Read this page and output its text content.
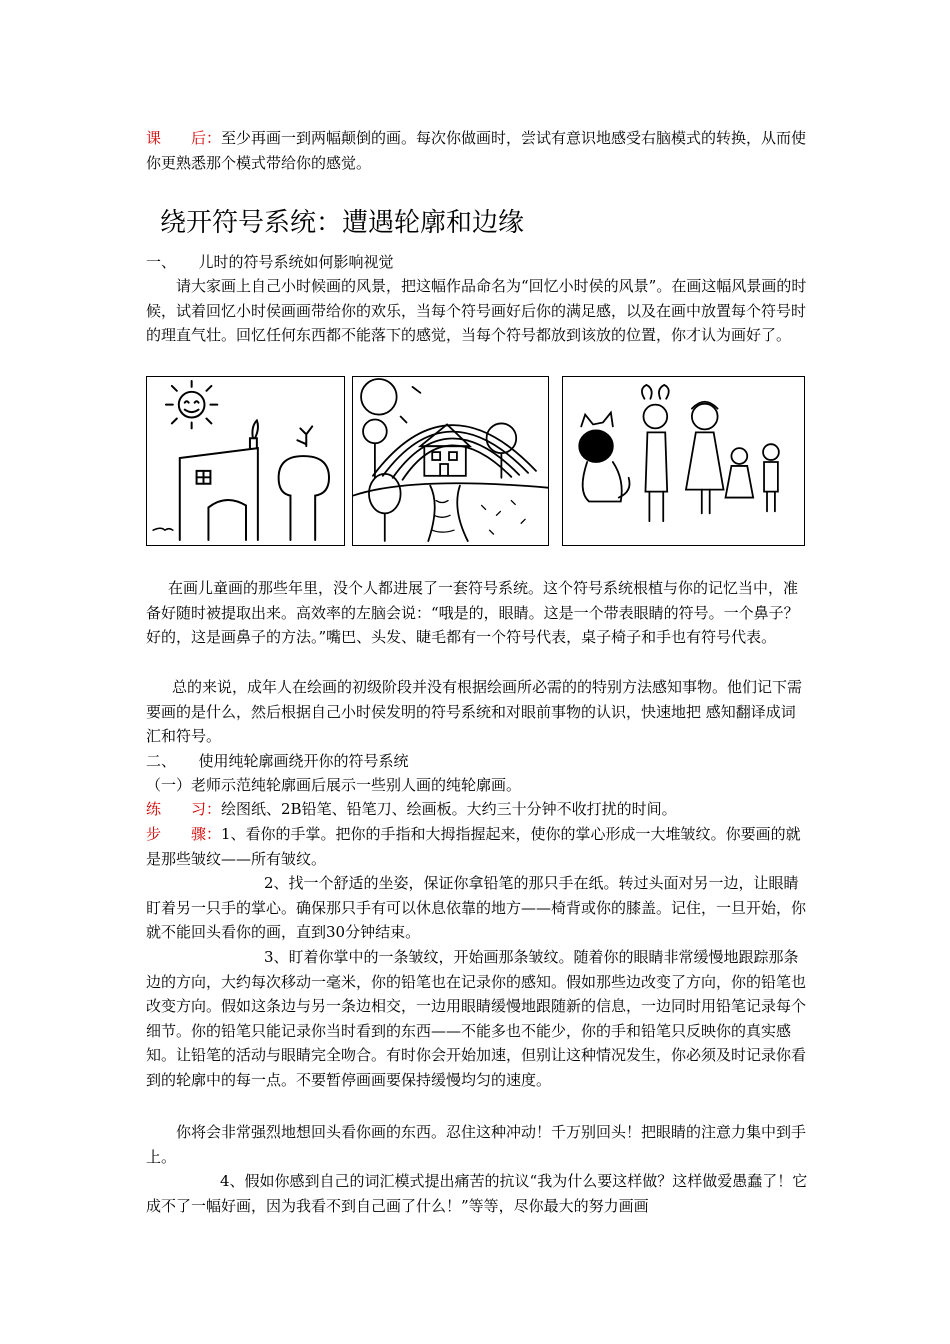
课　　后：至少再画一到两幅颠倒的画。每次你做画时，尝试有意识地感受右脑模式的转换，从而使你更熟悉那个模式带给你的感觉。

绕开符号系统：遭遇轮廓和边缘

一、　　儿时的符号系统如何影响视觉

请大家画上自己小时候画的风景，把这幅作品命名为“回忆小时侯的风景”。在画这幅风景画的时候，试着回忆小时侯画画带给你的欢乐，当每个符号画好后你的满足感，以及在画中放置每个符号时的理直气壮。回忆任何东西都不能落下的感觉，当每个符号都放到该放的位置，你才认为画好了。

在画儿童画的那些年里，没个人都进展了一套符号系统。这个符号系统根植与你的记忆当中，准备好随时被提取出来。高效率的左脑会说：“哦是的，眼睛。这是一个带表眼睛的符号。一个鼻子？好的，这是画鼻子的方法。”嘴巴、头发、睫毛都有一个符号代表，桌子椅子和手也有符号代表。

总的来说，成年人在绘画的初级阶段并没有根据绘画所必需的的特别方法感知事物。他们记下需要画的是什么，然后根据自己小时侯发明的符号系统和对眼前事物的认识，快速地把 感知翻译成词汇和符号。

二、　　使用纯轮廓画绕开你的符号系统

（一）老师示范纯轮廓画后展示一些别人画的纯轮廓画。

练　　习：绘图纸、2B铅笔、铅笔刀、绘画板。大约三十分钟不收打扰的时间。

步　　骤：1、看你的手掌。把你的手指和大拇指握起来，使你的掌心形成一大堆皱纹。你要画的就是那些皱纹——所有皱纹。

2、找一个舒适的坐姿，保证你拿铅笔的那只手在纸。转过头面对另一边，让眼睛盯着另一只手的掌心。确保那只手有可以休息依靠的地方——椅背或你的膝盖。记住，一旦开始，你就不能回头看你的画，直到30分钟结束。

3、盯着你掌中的一条皱纹，开始画那条皱纹。随着你的眼睛非常缓慢地跟踪那条边的方向，大约每次移动一毫米，你的铅笔也在记录你的感知。假如那些边改变了方向，你的铅笔也改变方向。假如这条边与另一条边相交，一边用眼睛缓慢地跟随新的信息，一边同时用铅笔记录每个细节。你的铅笔只能记录你当时看到的东西——不能多也不能少，你的手和铅笔只反映你的真实感知。让铅笔的活动与眼睛完全吻合。有时你会开始加速，但别让这种情况发生，你必须及时记录你看到的轮廓中的每一点。不要暂停画画要保持缓慢均匀的速度。

你将会非常强烈地想回头看你画的东西。忍住这种冲动！千万别回头！把眼睛的注意力集中到手上。

4、假如你感到自己的词汇模式提出痛苦的抗议“我为什么要这样做？这样做爱愚蠢了！它成不了一幅好画，因为我看不到自己画了什么！”等等，尽你最大的努力画画
